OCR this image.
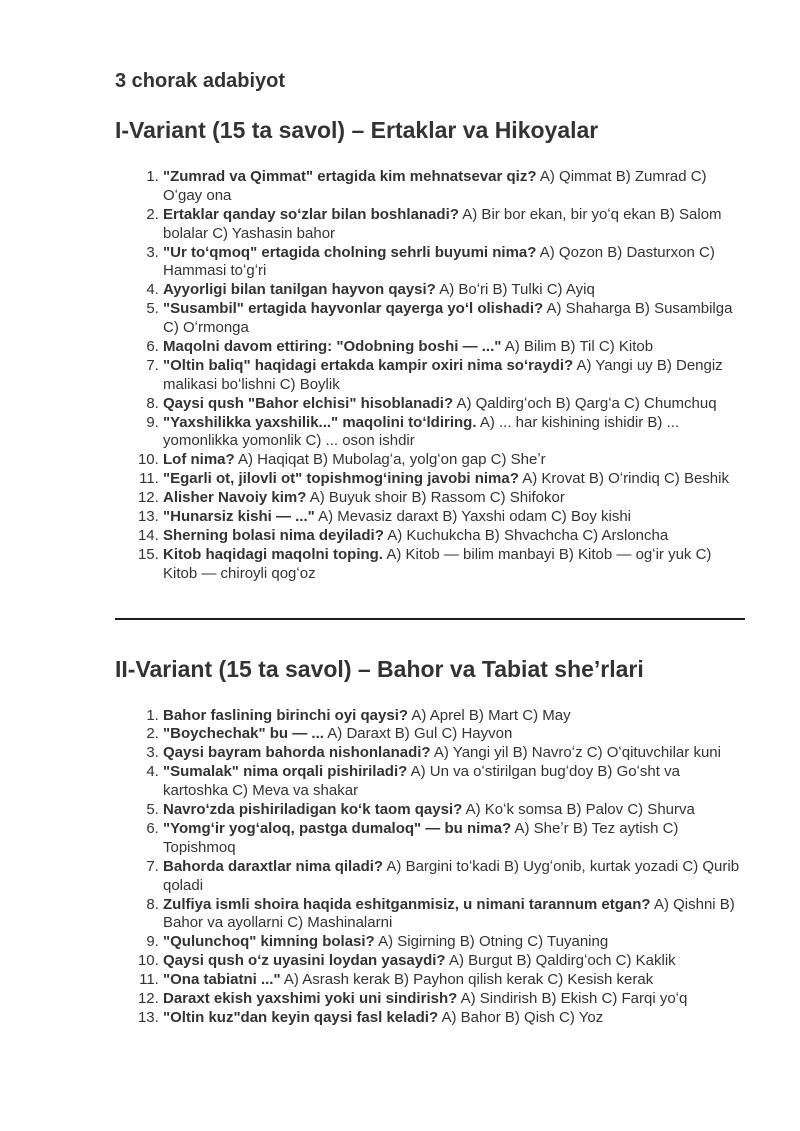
3 chorak adabiyot
I-Variant (15 ta savol) – Ertaklar va Hikoyalar
1. "Zumrad va Qimmat" ertagida kim mehnatsevar qiz? A) Qimmat B) Zumrad C) Oʻgay ona
2. Ertaklar qanday soʻzlar bilan boshlanadi? A) Bir bor ekan, bir yoʻq ekan B) Salom bolalar C) Yashasin bahor
3. "Ur toʻqmoq" ertagida cholning sehrli buyumi nima? A) Qozon B) Dasturxon C) Hammasi toʻgʻri
4. Ayyorligi bilan tanilgan hayvon qaysi? A) Boʻri B) Tulki C) Ayiq
5. "Susambil" ertagida hayvonlar qayerga yoʻl olishadi? A) Shaharga B) Susambilga C) Oʻrmonga
6. Maqolni davom ettiring: "Odobning boshi — ..." A) Bilim B) Til C) Kitob
7. "Oltin baliq" haqidagi ertakda kampir oxiri nima soʻraydi? A) Yangi uy B) Dengiz malikasi boʻlishni C) Boylik
8. Qaysi qush "Bahor elchisi" hisoblanadi? A) Qaldirgʻoch B) Qargʻa C) Chumchuq
9. "Yaxshilikka yaxshilik..." maqolini toʻldiring. A) ... har kishining ishidir B) ... yomonlikka yomonlik C) ... oson ishdir
10. Lof nima? A) Haqiqat B) Mubolagʻa, yolgʻon gap C) Sheʼr
11. "Egarli ot, jilovli ot" topishmogʻining javobi nima? A) Krovat B) Oʻrindiq C) Beshik
12. Alisher Navoiy kim? A) Buyuk shoir B) Rassom C) Shifokor
13. "Hunarsiz kishi — ..." A) Mevasiz daraxt B) Yaxshi odam C) Boy kishi
14. Sherning bolasi nima deyiladi? A) Kuchukcha B) Shvachcha C) Arsloncha
15. Kitob haqidagi maqolni toping. A) Kitob — bilim manbayi B) Kitob — ogʻir yuk C) Kitob — chiroyli qogʻoz
II-Variant (15 ta savol) – Bahor va Tabiat sheʼrlari
1. Bahor faslining birinchi oyi qaysi? A) Aprel B) Mart C) May
2. "Boychechak" bu — ... A) Daraxt B) Gul C) Hayvon
3. Qaysi bayram bahorda nishonlanadi? A) Yangi yil B) Navroʻz C) Oʻqituvchilar kuni
4. "Sumalak" nima orqali pishiriladi? A) Un va oʻstirilgan bugʻdoy B) Goʻsht va kartoshka C) Meva va shakar
5. Navroʻzda pishiriladigan koʻk taom qaysi? A) Koʻk somsa B) Palov C) Shurva
6. "Yomgʻir yogʻaloq, pastga dumaloq" — bu nima? A) Sheʼr B) Tez aytish C) Topishmoq
7. Bahorda daraxtlar nima qiladi? A) Bargini toʻkadi B) Uygʻonib, kurtak yozadi C) Qurib qoladi
8. Zulfiya ismli shoira haqida eshitganmisiz, u nimani tarannum etgan? A) Qishni B) Bahor va ayollarni C) Mashinalarni
9. "Qulunchoq" kimning bolasi? A) Sigirning B) Otning C) Tuyaning
10. Qaysi qush oʻz uyasini loydan yasaydi? A) Burgut B) Qaldirgʻoch C) Kaklik
11. "Ona tabiatni ..." A) Asrash kerak B) Payhon qilish kerak C) Kesish kerak
12. Daraxt ekish yaxshimi yoki uni sindirish? A) Sindirish B) Ekish C) Farqi yoʻq
13. "Oltin kuz"dan keyin qaysi fasl keladi? A) Bahor B) Qish C) Yoz
